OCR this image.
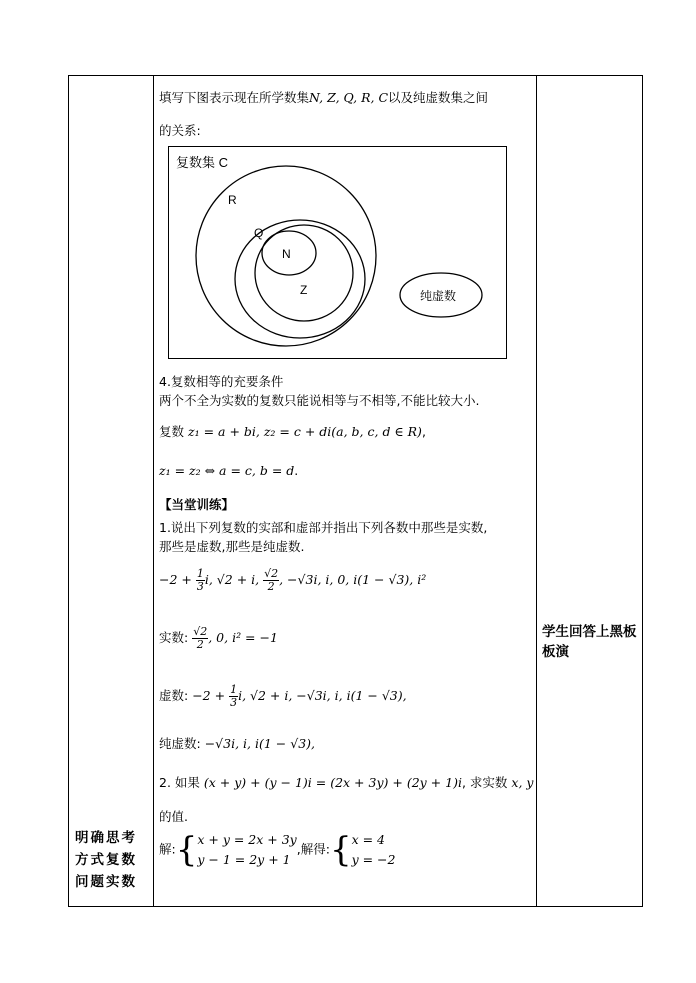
明确思考方式复数问题实数
学生回答上黑板板演
填写下图表示现在所学数集N, Z, Q, R, C以及纯虚数集之间
的关系:
复数集 C
R
Q
N
Z	纯虚数
4.复数相等的充要条件
两个不全为实数的复数只能说相等与不相等,不能比较大小.
复数 z₁ = a + bi, z₂ = c + di(a, b, c, d ∈ R),
z₁ = z₂ ⇔ a = c, b = d.
【当堂训练】
1.说出下列复数的实部和虚部并指出下列各数中那些是实数,
那些是虚数,那些是纯虚数.
$-2 + \frac{1}{3} i$, √2 + i, $\frac{√2}{2}$ , −√3i, i, 0, i(1 − √3), i²
实数: $\frac{√2}{2}$ , 0, i² = −1
虚数: $-2 + \frac{1}{3} i$, √2 + i, −√3i, i, i(1 − √3),
纯虚数: −√3i, i, i(1 − √3),
2. 如果 (x + y) + (y − 1)i = (2x + 3y) + (2y + 1)i, 求实数 x, y
的值.
解:{ x + y = 2x + 3y
y − 1 = 2y + 1
,解得:{ x = 4
y = −2
